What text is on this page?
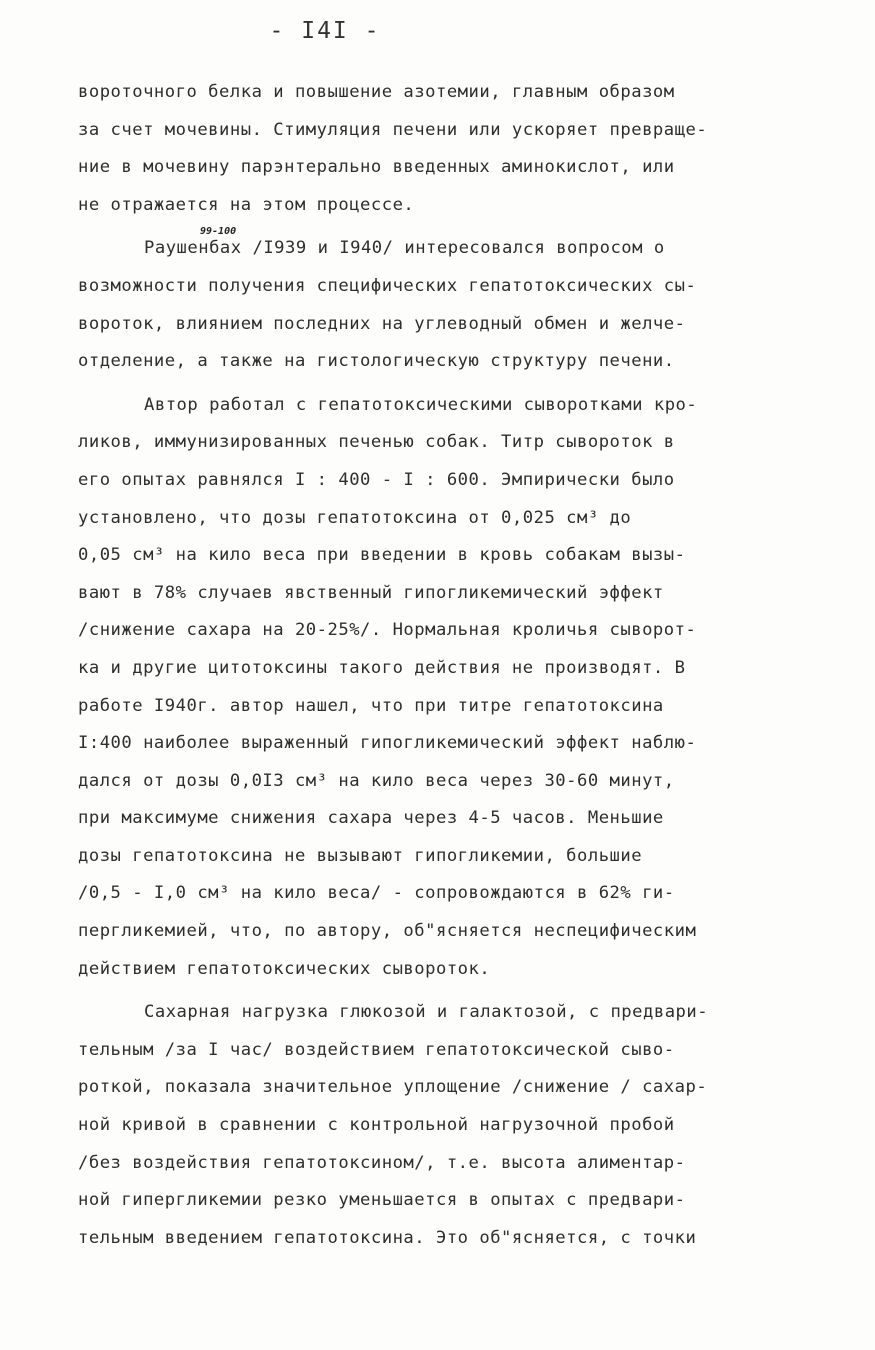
- I4I -
99-100
вороточного белка и повышение азотемии, главным образом
за счет мочевины. Стимуляция печени или ускоряет превраще-
ние в мочевину парэнтерально введенных аминокислот, или
не отражается на этом процессе.
Раушенбах /I939 и I940/ интересовался вопросом о
возможности получения специфических гепатотоксических сы-
вороток, влиянием последних на углеводный обмен и желче-
отделение, а также на гистологическую структуру печени.
Автор работал с гепатотоксическими сыворотками кро-
ликов, иммунизированных печенью собак. Титр сывороток в
его опытах равнялся I : 400 - I : 600. Эмпирически было
установлено, что дозы гепатотоксина от 0,025 см³ до
0,05 см³ на кило веса при введении в кровь собакам вызы-
вают в 78% случаев явственный гипогликемический эффект
/снижение сахара на 20-25%/. Нормальная кроличья сыворот-
ка и другие цитотоксины такого действия не производят. В
работе I940г. автор нашел, что при титре гепатотоксина
I:400 наиболее выраженный гипогликемический эффект наблю-
дался от дозы 0,0I3 см³ на кило веса через 30-60 минут,
при максимуме снижения сахара через 4-5 часов. Меньшие
дозы гепатотоксина не вызывают гипогликемии, большие
/0,5 - I,0 см³ на кило веса/ - сопровождаются в 62% ги-
пергликемией, что, по автору, об"ясняется неспецифическим
действием гепатотоксических сывороток.
Сахарная нагрузка глюкозой и галактозой, с предвари-
тельным /за I час/ воздействием гепатотоксической сыво-
роткой, показала значительное уплощение /снижение / сахар-
ной кривой в сравнении с контрольной нагрузочной пробой
/без воздействия гепатотоксином/, т.е. высота алиментар-
ной гипергликемии резко уменьшается в опытах с предвари-
тельным введением гепатотоксина. Это об"ясняется, с точки
